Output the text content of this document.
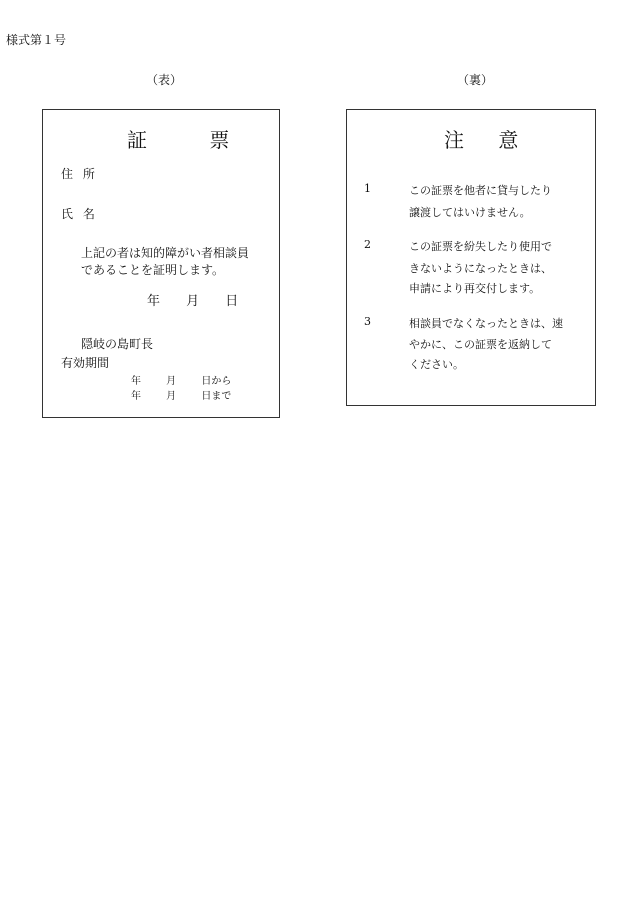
様式第１号
（表）	（裏）
証 票
住 所
氏 名
上記の者は知的障がい者相談員
であることを証明します。
年 月 日
隠岐の島町長
有効期間
年 月 日から
年 月 日まで
注 意
1	この証票を他者に貸与したり
譲渡してはいけません。
2	この証票を紛失したり使用で
きないようになったときは、
申請により再交付します。
3	相談員でなくなったときは、速
やかに、この証票を返納して
ください。
